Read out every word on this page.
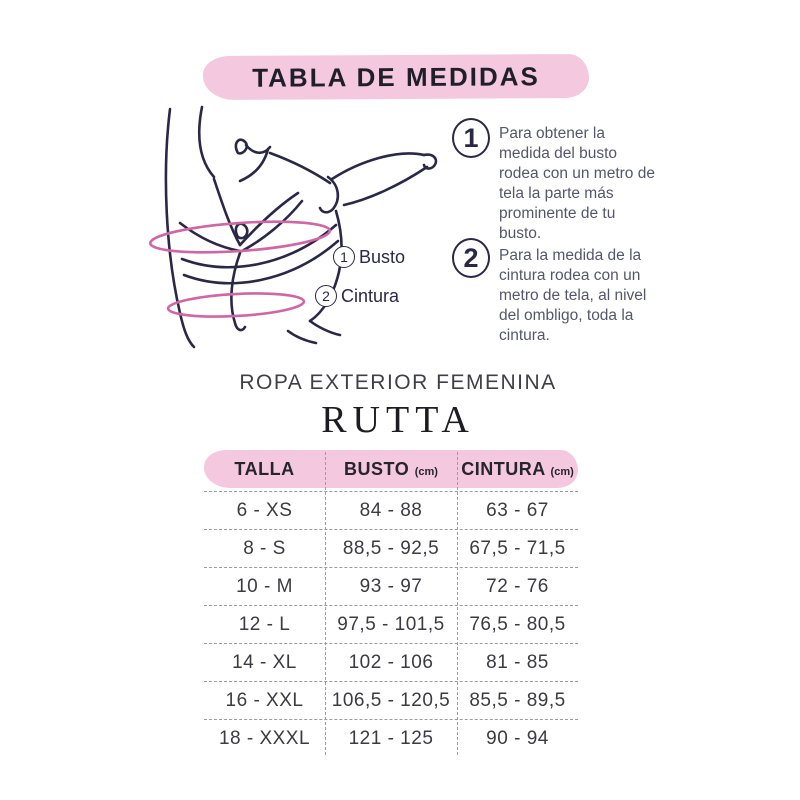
TABLA DE MEDIDAS
1 Busto
2 Cintura
1	Para obtener la medida del busto rodea con un metro de tela la parte más prominente de tu busto.

2	Para la medida de la cintura rodea con un metro de tela, al nivel del ombligo, toda la cintura.

ROPA EXTERIOR FEMENINA
RUTTA
TALLA	BUSTO (cm)	CINTURA (cm)
6 - XS	84 - 88	63 - 67
8 - S	88,5 - 92,5	67,5 - 71,5
10 - M	93 - 97	72 - 76
12 - L	97,5 - 101,5	76,5 - 80,5
14 - XL	102 - 106	81 - 85
16 - XXL	106,5 - 120,5	85,5 - 89,5
18 - XXXL	121 - 125	90 - 94
